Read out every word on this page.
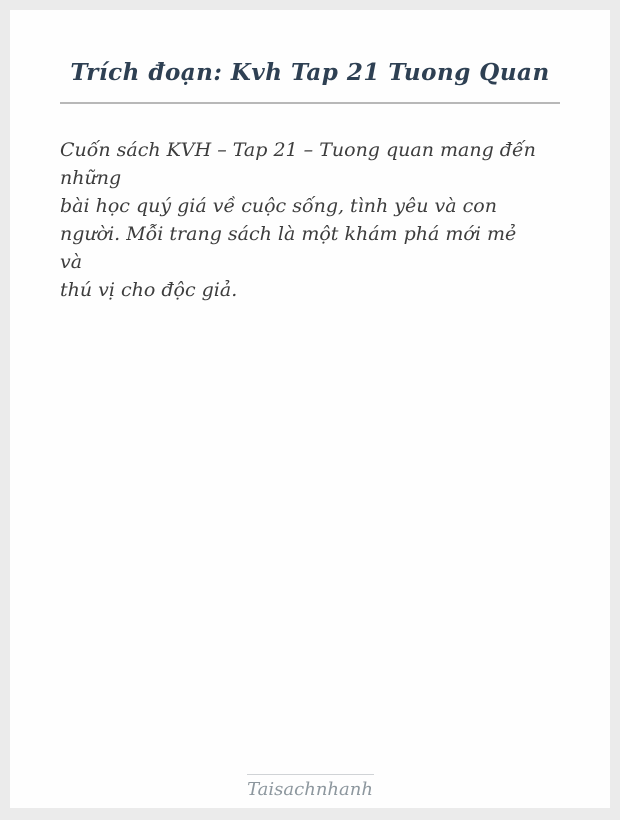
Trích đoạn: Kvh Tap 21 Tuong Quan

Cuốn sách KVH – Tap 21 – Tuong quan mang đến

những

bài học quý giá về cuộc sống, tình yêu và con

người. Mỗi trang sách là một khám phá mới mẻ

và

thú vị cho độc giả.

Taisachnhanh
